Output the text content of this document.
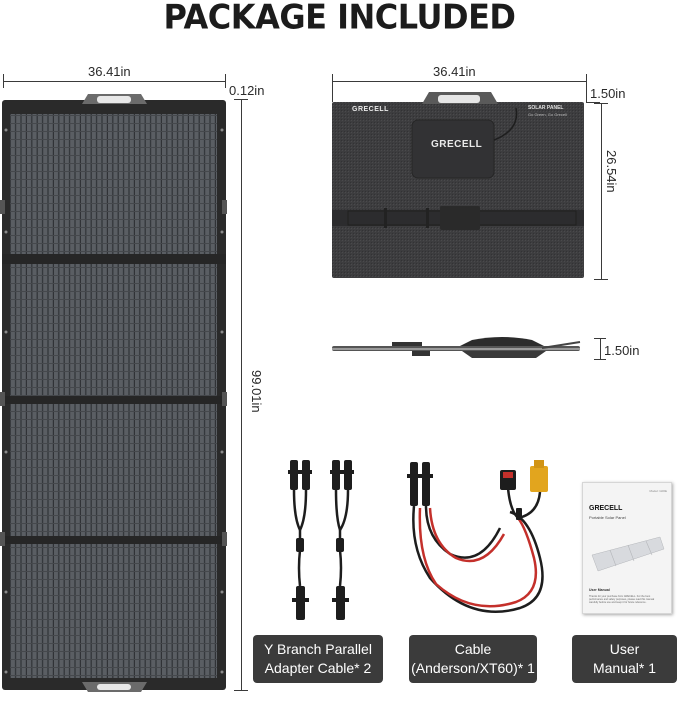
PACKAGE INCLUDED
36.41in
0.12in
99.01in
36.41in
1.50in
26.54in
GRECELL
GRECELL
SOLAR PANEL
Go Green, Go Grecell
1.50in
Model: G00E
GRECELL
Portable Solar Panel
User Manual
Thanks for your purchase from GRECELL. For the best
performance and safety purposes, please read this manual
carefully before use and keep it for future reference.
Y Branch Parallel
Adapter Cable* 2
Cable
(Anderson/XT60)* 1
User
Manual* 1
